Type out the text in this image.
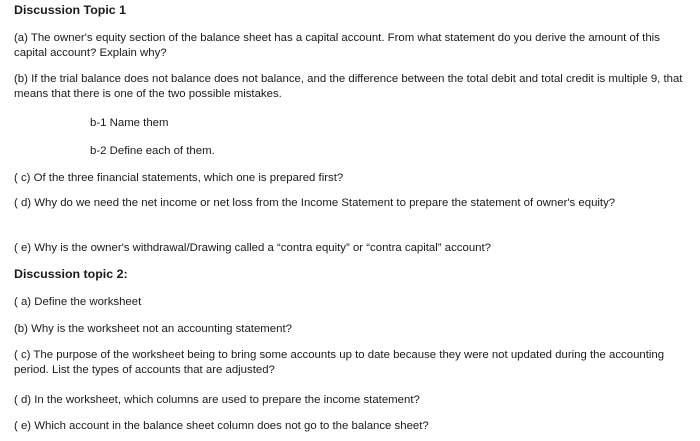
Discussion Topic 1
(a) The owner's equity section of the balance sheet has a capital account. From what statement do you derive the amount of this capital account? Explain why?
(b) If the trial balance does not balance does not balance, and the difference between the total debit and total credit is multiple 9, that means that there is one of the two possible mistakes.
b-1 Name them
b-2 Define each of them.
( c) Of the three financial statements, which one is prepared first?
( d) Why do we need the net income or net loss from the Income Statement to prepare the statement of owner's equity?
( e) Why is the owner's withdrawal/Drawing called a “contra equity” or “contra capital” account?
Discussion topic 2:
( a) Define the worksheet
(b) Why is the worksheet not an accounting statement?
( c) The purpose of the worksheet being to bring some accounts up to date because they were not updated during the accounting period. List the types of accounts that are adjusted?
( d) In the worksheet, which columns are used to prepare the income statement?
( e) Which account in the balance sheet column does not go to the balance sheet?
